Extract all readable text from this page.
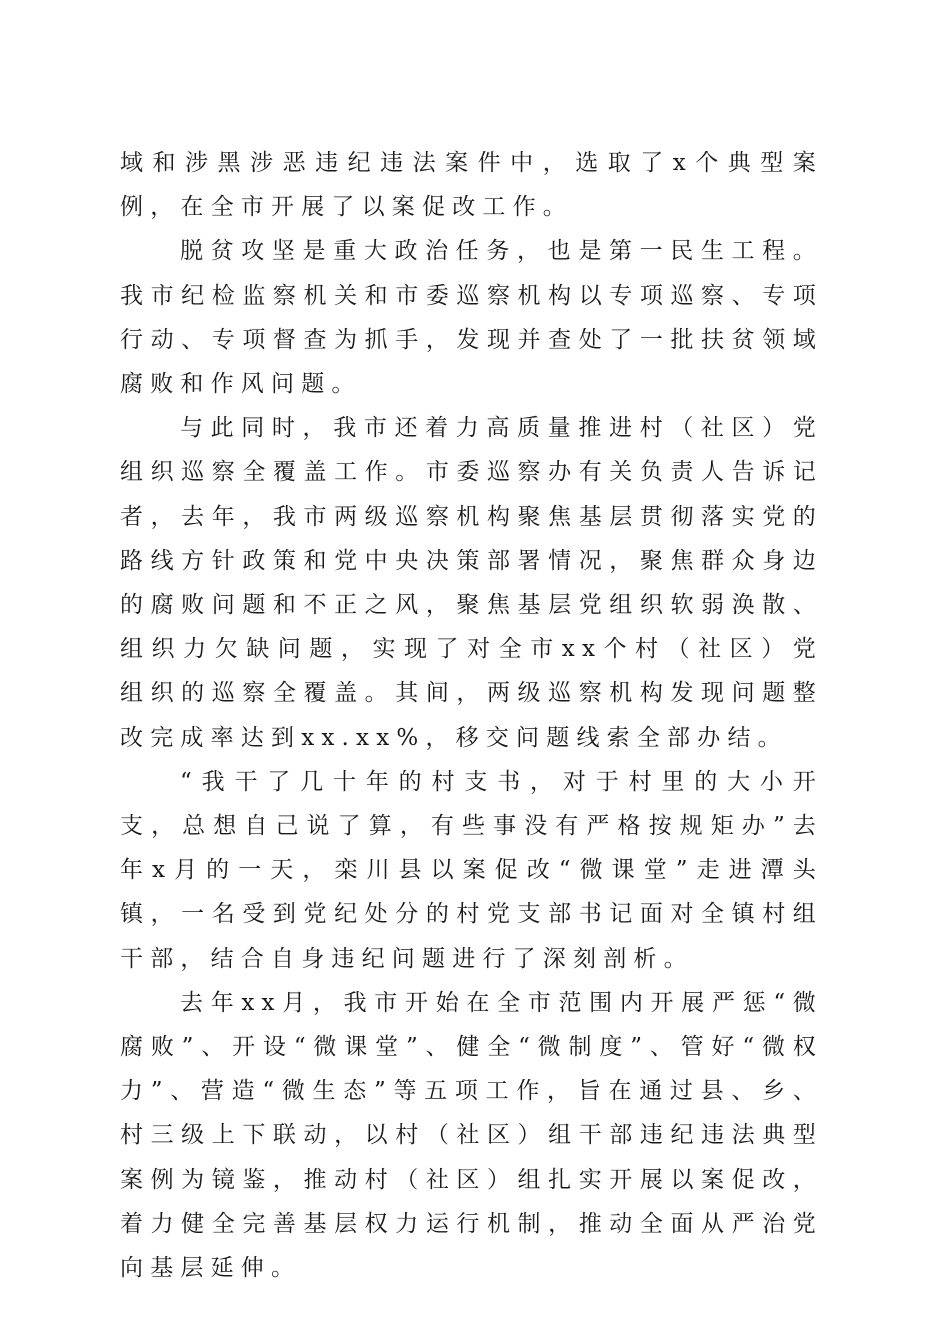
域和涉黑涉恶违纪违法案件中，选取了x个典型案例，在全市开展了以案促改工作。

脱贫攻坚是重大政治任务，也是第一民生工程。我市纪检监察机关和市委巡察机构以专项巡察、专项行动、专项督查为抓手，发现并查处了一批扶贫领域腐败和作风问题。

与此同时，我市还着力高质量推进村（社区）党组织巡察全覆盖工作。市委巡察办有关负责人告诉记者，去年，我市两级巡察机构聚焦基层贯彻落实党的路线方针政策和党中央决策部署情况，聚焦群众身边的腐败问题和不正之风，聚焦基层党组织软弱涣散、组织力欠缺问题，实现了对全市xx个村（社区）党组织的巡察全覆盖。其间，两级巡察机构发现问题整改完成率达到xx.xx%，移交问题线索全部办结。

“我干了几十年的村支书，对于村里的大小开支，总想自己说了算，有些事没有严格按规矩办”去年x月的一天，栾川县以案促改“微课堂”走进潭头镇，一名受到党纪处分的村党支部书记面对全镇村组干部，结合自身违纪问题进行了深刻剖析。

去年xx月，我市开始在全市范围内开展严惩“微腐败”、开设“微课堂”、健全“微制度”、管好“微权力”、营造“微生态”等五项工作，旨在通过县、乡、村三级上下联动，以村（社区）组干部违纪违法典型案例为镜鉴，推动村（社区）组扎实开展以案促改，着力健全完善基层权力运行机制，推动全面从严治党向基层延伸。
